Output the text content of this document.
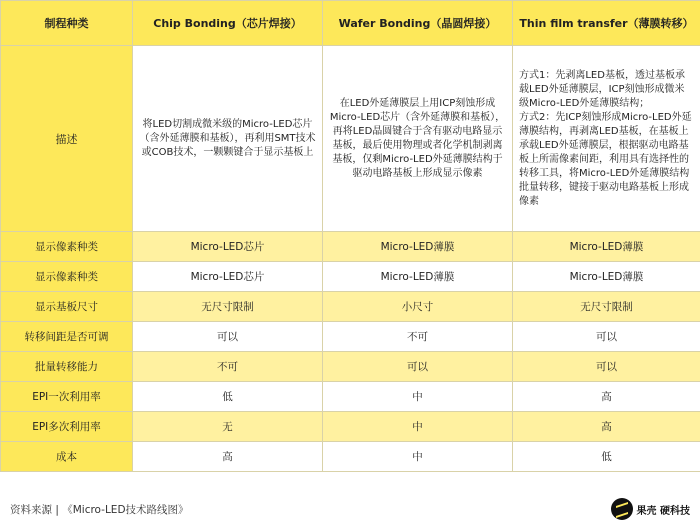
制程种类	Chip Bonding（芯片焊接）	Wafer Bonding（晶圆焊接）	Thin film transfer（薄膜转移）
描述	将LED切割成微米级的Micro-LED芯片（含外延薄膜和基板），再利用SMT技术或COB技术，一颗颗键合于显示基板上	在LED外延薄膜层上用ICP刻蚀形成Micro-LED芯片（含外延薄膜和基板），再将LED晶圆键合于含有驱动电路显示基板，最后使用物理或者化学机制剥离基板，仅剩Micro-LED外延薄膜结构于驱动电路基板上形成显示像素	方式1：先剥离LED基板，透过基板承载LED外延薄膜层，ICP刻蚀形成微米级Micro-LED外延薄膜结构；
方式2：先ICP刻蚀形成Micro-LED外延薄膜结构，再剥离LED基板，在基板上承载LED外延薄膜层，根据驱动电路基板上所需像素间距，利用具有选择性的转移工具，将Micro-LED外延薄膜结构批量转移，键接于驱动电路基板上形成像素

显示像素种类	Micro-LED芯片	Micro-LED薄膜	Micro-LED薄膜
显示像素种类	Micro-LED芯片	Micro-LED薄膜	Micro-LED薄膜
显示基板尺寸	无尺寸限制	小尺寸	无尺寸限制
转移间距是否可调	可以	不可	可以
批量转移能力	不可	可以	可以
EPI一次利用率	低	中	高
EPI多次利用率	无	中	高
成本	高	中	低
资料来源 | 《Micro-LED技术路线图》	果壳 硬科技
